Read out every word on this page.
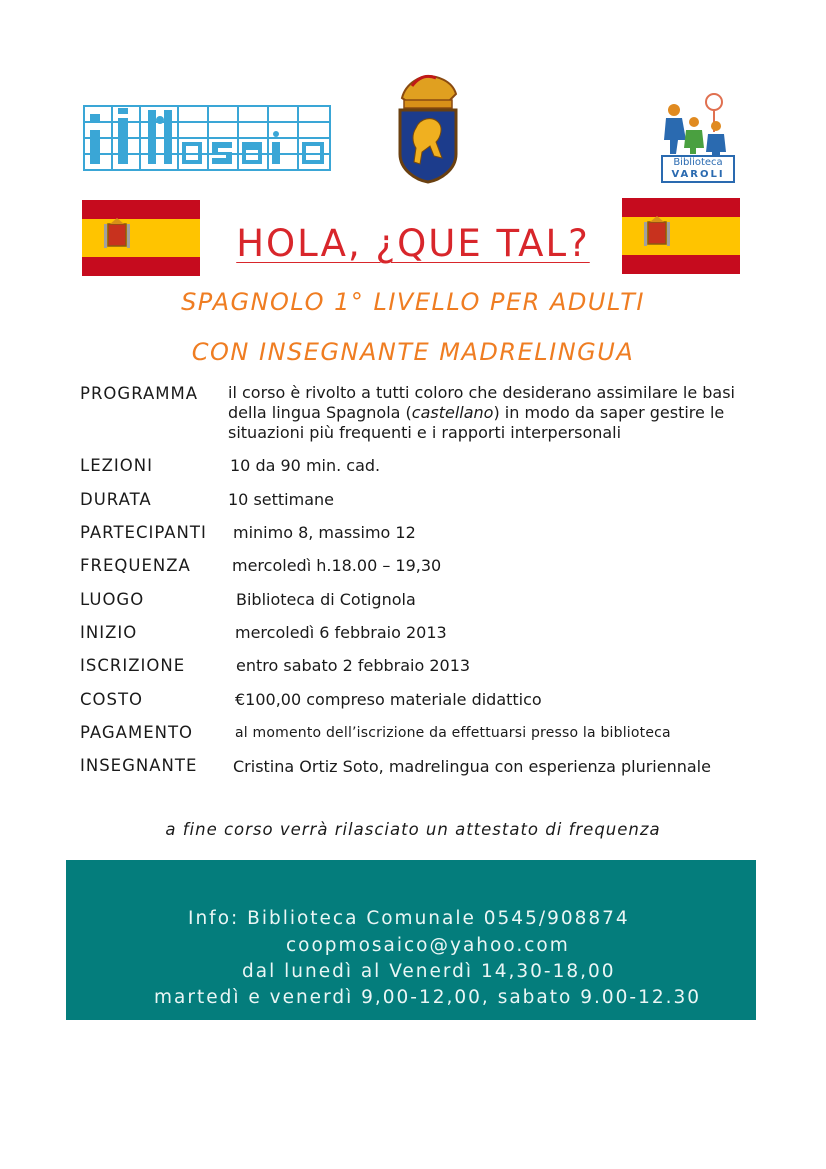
Biblioteca
VAROLI
HOLA, ¿QUE TAL?
SPAGNOLO 1° LIVELLO PER ADULTI
CON INSEGNANTE MADRELINGUA
PROGRAMMA il corso è rivolto a tutti coloro che desiderano assimilare le basi della lingua Spagnola (castellano) in modo da saper gestire le situazioni più frequenti e i rapporti interpersonali
LEZIONI	10 da 90 min. cad.
DURATA	10 settimane
PARTECIPANTI minimo 8, massimo 12
FREQUENZA	mercoledì h.18.00 – 19,30
LUOGO	Biblioteca di Cotignola
INIZIO	mercoledì 6 febbraio 2013
ISCRIZIONE	entro sabato 2 febbraio 2013
COSTO	€100,00 compreso materiale didattico
PAGAMENTO	al momento dell’iscrizione da effettuarsi presso la biblioteca
INSEGNANTE Cristina Ortiz Soto, madrelingua con esperienza pluriennale
a fine corso verrà rilasciato un attestato di frequenza
Info: Biblioteca Comunale 0545/908874
coopmosaico@yahoo.com
dal lunedì al Venerdì 14,30-18,00
martedì e venerdì 9,00-12,00, sabato 9.00-12.30
